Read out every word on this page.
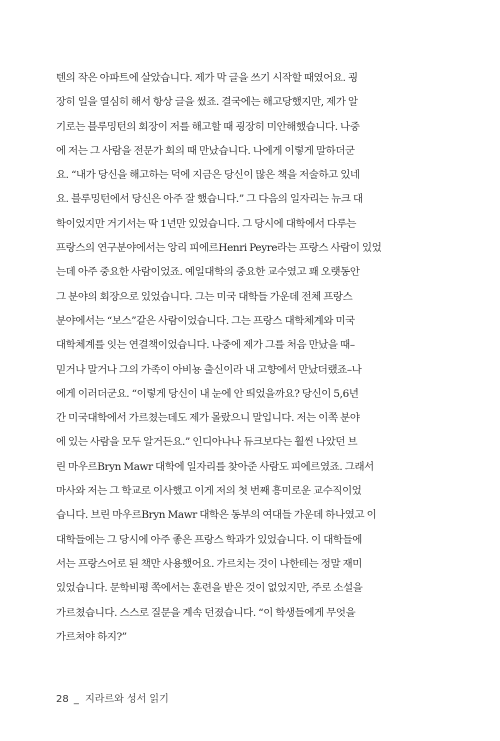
텐의 작은 아파트에 살았습니다. 제가 막 글을 쓰기 시작할 때였어요. 굉
장히 일을 열심히 해서 항상 글을 썼죠. 결국에는 해고당했지만, 제가 알
기로는 블루밍턴의 회장이 저를 해고할 때 굉장히 미안해했습니다. 나중
에 저는 그 사람을 전문가 회의 때 만났습니다. 나에게 이렇게 말하더군
요. “내가 당신을 해고하는 덕에 지금은 당신이 많은 책을 저술하고 있네
요. 블루밍턴에서 당신은 아주 잘 했습니다.” 그 다음의 일자리는 뉴크 대
학이었지만 거기서는 딱 1년만 있었습니다. 그 당시에 대학에서 다루는
프랑스의 연구분야에서는 앙리 피에르Henri Peyre라는 프랑스 사람이 있었
는데 아주 중요한 사람이었죠. 예일대학의 중요한 교수였고 꽤 오랫동안
그 분야의 회장으로 있었습니다. 그는 미국 대학들 가운데 전체 프랑스
분야에서는 “보스”같은 사람이었습니다. 그는 프랑스 대학체계와 미국
대학체계를 잇는 연결책이었습니다. 나중에 제가 그를 처음 만났을 때–
믿거나 말거나 그의 가족이 아비뇽 출신이라 내 고향에서 만났더랬죠–나
에게 이러더군요. “이렇게 당신이 내 눈에 안 띄었을까요? 당신이 5,6년
간 미국대학에서 가르쳤는데도 제가 몰랐으니 말입니다. 저는 이쪽 분야
에 있는 사람을 모두 알거든요.” 인디아나나 듀크보다는 훨씬 나았던 브
린 마우르Bryn Mawr 대학에 일자리를 찾아준 사람도 피에르였죠. 그래서
마사와 저는 그 학교로 이사했고 이게 저의 첫 번째 흥미로운 교수직이었
습니다. 브린 마우르Bryn Mawr 대학은 동부의 여대들 가운데 하나였고 이
대학들에는 그 당시에 아주 좋은 프랑스 학과가 있었습니다. 이 대학들에
서는 프랑스어로 된 책만 사용했어요. 가르치는 것이 나한테는 정말 재미
있었습니다. 문학비평 쪽에서는 훈련을 받은 것이 없었지만, 주로 소설을
가르쳤습니다. 스스로 질문을 계속 던졌습니다. “이 학생들에게 무엇을
가르쳐야 하지?”
28 _ 지라르와 성서 읽기
